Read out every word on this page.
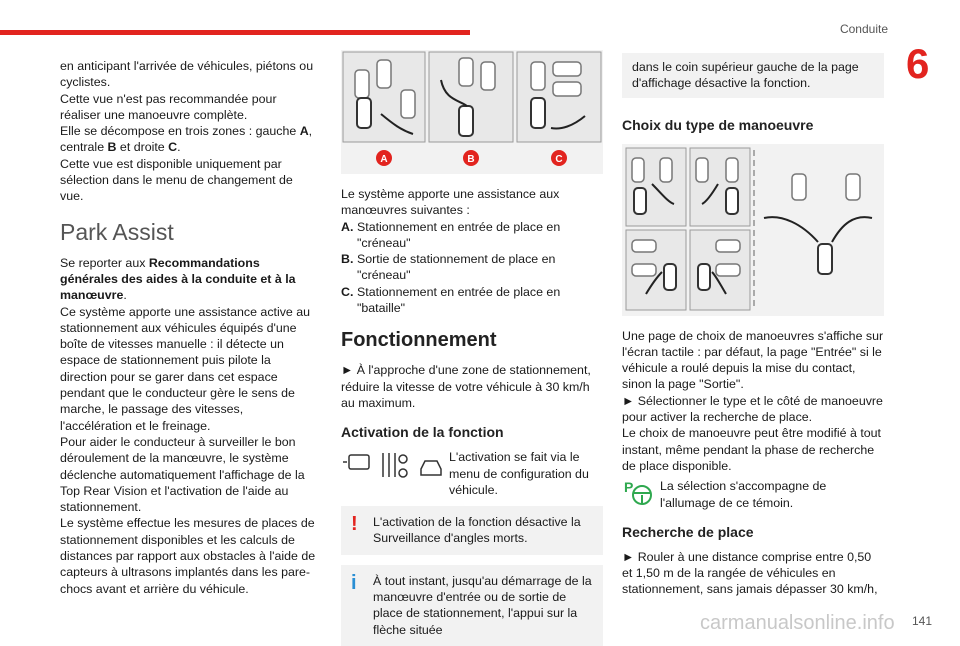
Conduite
6
141
carmanualsonline.info

en anticipant l'arrivée de véhicules, piétons ou cyclistes.

Cette vue n'est pas recommandée pour réaliser une manoeuvre complète.

Elle se décompose en trois zones : gauche A, centrale B et droite C.

Cette vue est disponible uniquement par sélection dans le menu de changement de vue.

Park Assist

Se reporter aux Recommandations générales des aides à la conduite et à la manœuvre.

Ce système apporte une assistance active au stationnement aux véhicules équipés d'une boîte de vitesses manuelle : il détecte un espace de stationnement puis pilote la direction pour se garer dans cet espace pendant que le conducteur gère le sens de marche, le passage des vitesses, l'accélération et le freinage.

Pour aider le conducteur à surveiller le bon déroulement de la manœuvre, le système déclenche automatiquement l'affichage de la Top Rear Vision et l'activation de l'aide au stationnement.

Le système effectue les mesures de places de stationnement disponibles et les calculs de distances par rapport aux obstacles à l'aide de capteurs à ultrasons implantés dans les pare-chocs avant et arrière du véhicule.

A	B	C

Le système apporte une assistance aux manœuvres suivantes :

A. Stationnement en entrée de place en "créneau"
B. Sortie de stationnement de place en "créneau"
C. Stationnement en entrée de place en "bataille"
Fonctionnement

► À l'approche d'une zone de stationnement, réduire la vitesse de votre véhicule à 30 km/h au maximum.

Activation de la fonction
L'activation se fait via le menu de configuration du véhicule.
! L'activation de la fonction désactive la Surveillance d'angles morts.
i À tout instant, jusqu'au démarrage de la manœuvre d'entrée ou de sortie de place de stationnement, l'appui sur la flèche située
dans le coin supérieur gauche de la page d'affichage désactive la fonction.
Choix du type de manoeuvre

Une page de choix de manoeuvres s'affiche sur l'écran tactile : par défaut, la page "Entrée" si le véhicule a roulé depuis la mise du contact, sinon la page "Sortie".

► Sélectionner le type et le côté de manoeuvre pour activer la recherche de place.

Le choix de manoeuvre peut être modifié à tout instant, même pendant la phase de recherche de place disponible.

P La sélection s'accompagne de l'allumage de ce témoin.
Recherche de place

► Rouler à une distance comprise entre 0,50 et 1,50 m de la rangée de véhicules en stationnement, sans jamais dépasser 30 km/h,
